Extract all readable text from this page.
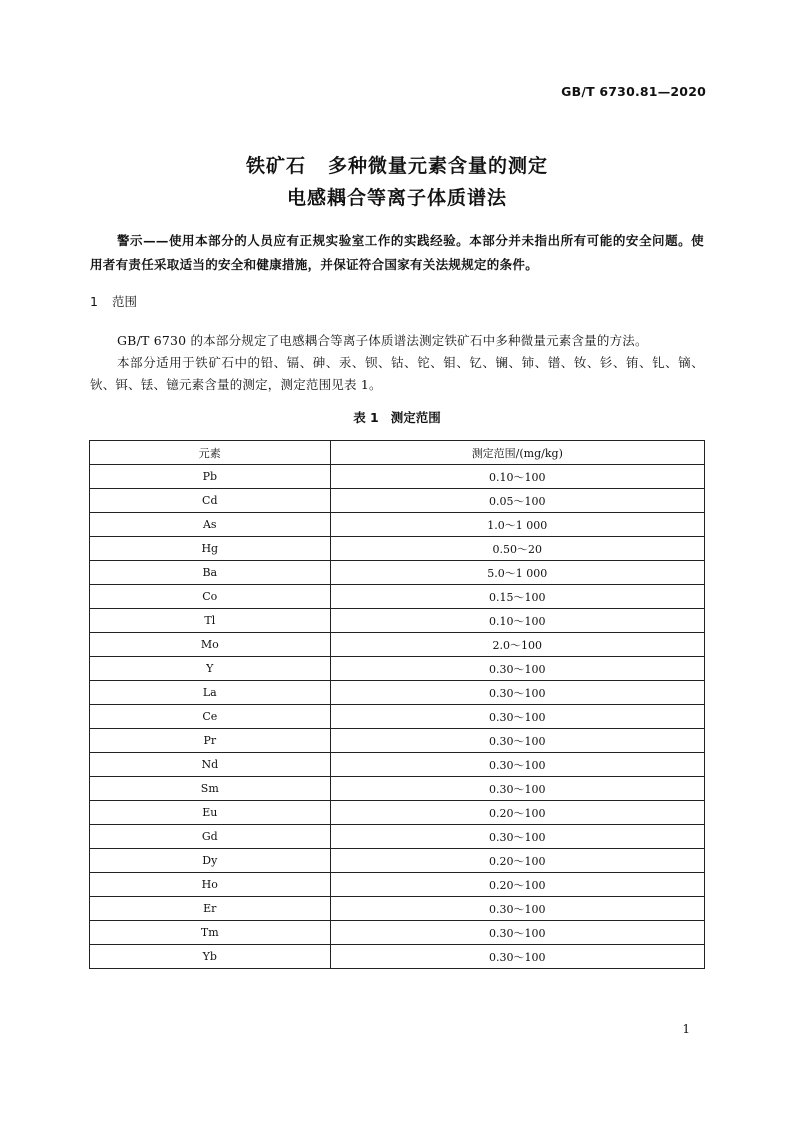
GB/T 6730.81—2020
铁矿石 多种微量元素含量的测定
电感耦合等离子体质谱法
警示——使用本部分的人员应有正规实验室工作的实践经验。本部分并未指出所有可能的安全问题。使用者有责任采取适当的安全和健康措施，并保证符合国家有关法规规定的条件。
1 范围
GB/T 6730 的本部分规定了电感耦合等离子体质谱法测定铁矿石中多种微量元素含量的方法。
本部分适用于铁矿石中的铅、镉、砷、汞、钡、钴、铊、钼、钇、镧、铈、镨、钕、钐、铕、钆、镝、钬、铒、铥、镱元素含量的测定，测定范围见表 1。
表 1 测定范围
元素	测定范围/(mg/kg)
Pb	0.10～100
Cd	0.05～100
As	1.0～1 000
Hg	0.50～20
Ba	5.0～1 000
Co	0.15～100
Tl	0.10～100
Mo	2.0～100
Y	0.30～100
La	0.30～100
Ce	0.30～100
Pr	0.30～100
Nd	0.30～100
Sm	0.30～100
Eu	0.20～100
Gd	0.30～100
Dy	0.20～100
Ho	0.20～100
Er	0.30～100
Tm	0.30～100
Yb	0.30～100
1
